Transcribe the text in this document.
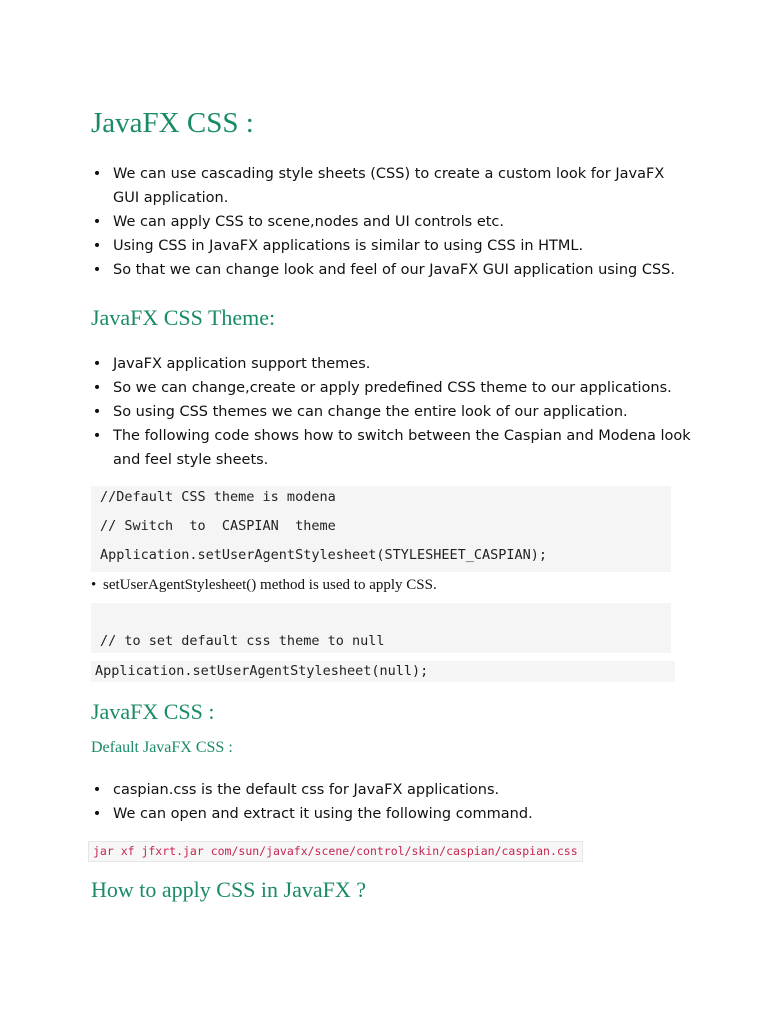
JavaFX CSS :
• We can use cascading style sheets (CSS) to create a custom look for JavaFX GUI application.
• We can apply CSS to scene,nodes and UI controls etc.
• Using CSS in JavaFX applications is similar to using CSS in HTML.
• So that we can change look and feel of our JavaFX GUI application using CSS.
JavaFX CSS Theme:
• JavaFX application support themes.
• So we can change,create or apply predefined CSS theme to our applications.
• So using CSS themes we can change the entire look of our application.
• The following code shows how to switch between the Caspian and Modena look and feel style sheets.

//Default CSS theme is modena

// Switch  to  CASPIAN  theme

Application.setUserAgentStylesheet(STYLESHEET_CASPIAN);

• setUserAgentStylesheet() method is used to apply CSS.

// to set default css theme to null

Application.setUserAgentStylesheet(null);

JavaFX CSS :
Default JavaFX CSS :
• caspian.css is the default css for JavaFX applications.
• We can open and extract it using the following command.
jar xf jfxrt.jar com/sun/javafx/scene/control/skin/caspian/caspian.css
How to apply CSS in JavaFX ?
